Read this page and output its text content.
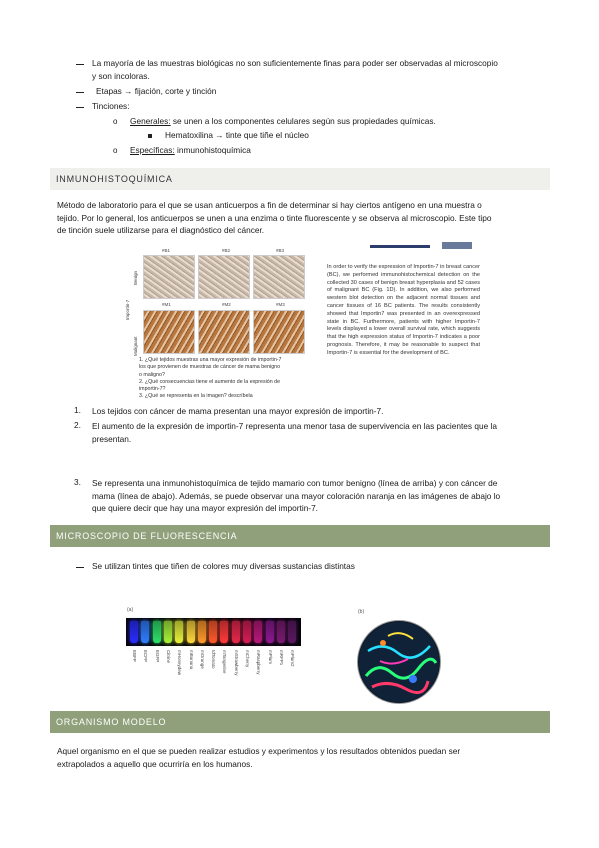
La mayoría de las muestras biológicas no son suficientemente finas para poder ser observadas al microscopio
y son incoloras.
Etapas → fijación, corte y tinción
Tinciones:
o Generales: se unen a los componentes celulares según sus propiedades químicas.
Hematoxilina → tinte que tiñe el núcleo
o Específicas: inmunohistoquímica
INMUNOHISTOQUÍMICA
Método de laboratorio para el que se usan anticuerpos a fin de determinar si hay ciertos antígeno en una muestra o
tejido. Por lo general, los anticuerpos se unen a una enzima o tinte fluorescente y se observa al microscopio. Este tipo
de tinción suele utilizarse para el diagnóstico del cáncer.
Importin-7
Benign
Malignant
#B1	#B2	#B3
#M1	#M2	#M3
1. ¿Qué tejidos muestras una mayor expresión de importin-7
los que provienen de muestras de cáncer de mama benigno
o maligno?
2. ¿Qué consecuencias tiene el aumento de la expresión de
importin-7?
3. ¿Qué se representa en la imagen? descríbela
In order to verify the expression of Importin-7 in breast cancer (BC), we performed immunohistochemical detection on the collected 30 cases of benign breast hyperplasia and 52 cases of malignant BC (Fig. 1D). In addition, we also performed western blot detection on the adjacent normal tissues and cancer tissues of 16 BC patients. The results consistently showed that Importin7 was presented in an overexpressed state in BC. Furthermore, patients with higher Importin-7 levels displayed a lower overall survival rate, which suggests that the high expression status of Importin-7 indicates a poor prognosis. Therefore, it may be reasonable to suspect that Importin-7 is essential for the development of BC.
1. Los tejidos con cáncer de mama presentan una mayor expresión de importin-7.
2. El aumento de la expresión de importin-7 representa una menor tasa de supervivencia en las pacientes que la
presentan.
3. Se representa una inmunohistoquímica de tejido mamario con tumor benigno (línea de arriba) y con cáncer de
mama (línea de abajo). Además, se puede observar una mayor coloración naranja en las imágenes de abajo lo
que quiere decir que hay una mayor expresión del importin-7.
MICROSCOPIO DE FLUORESCENCIA
Se utilizan tintes que tiñen de colores muy diversas sustancias distintas
(a)
EBFP ECFP EGFP Citrine mHoneydew mBanana mOrange tdTomato mTangerine mStrawberry mCherry mRaspberry mPlum mRFP1 mPlum2
(b)
ORGANISMO MODELO
Aquel organismo en el que se pueden realizar estudios y experimentos y los resultados obtenidos puedan ser
extrapolados a aquello que ocurriría en los humanos.
